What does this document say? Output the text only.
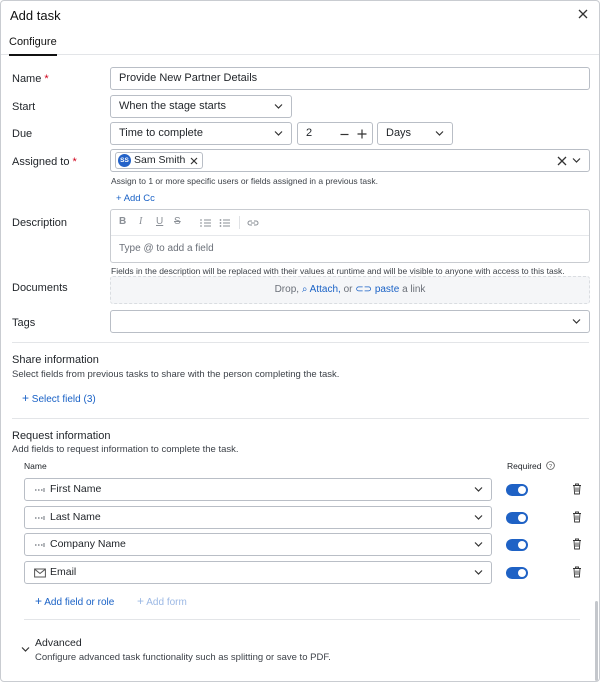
Add task
Configure
Name *	Provide New Partner Details
Start	When the stage starts
Due	Time to complete	2	Days
Assigned to *	SS Sam Smith
Assign to 1 or more specific users or fields assigned in a previous task.
+ Add Cc
Description	B I U S
Type @ to add a field
Fields in the description will be replaced with their values at runtime and will be visible to anyone with access to this task.
Documents	Drop, ⌕ Attach, or ⊂⊃ paste a link
Tags
Share information
Select fields from previous tasks to share with the person completing the task.
+ Select field (3)
Request information
Add fields to request information to complete the task.
Name	Required ?
First Name
Last Name
Company Name
Email
+ Add field or role + Add form
Advanced
Configure advanced task functionality such as splitting or save to PDF.
